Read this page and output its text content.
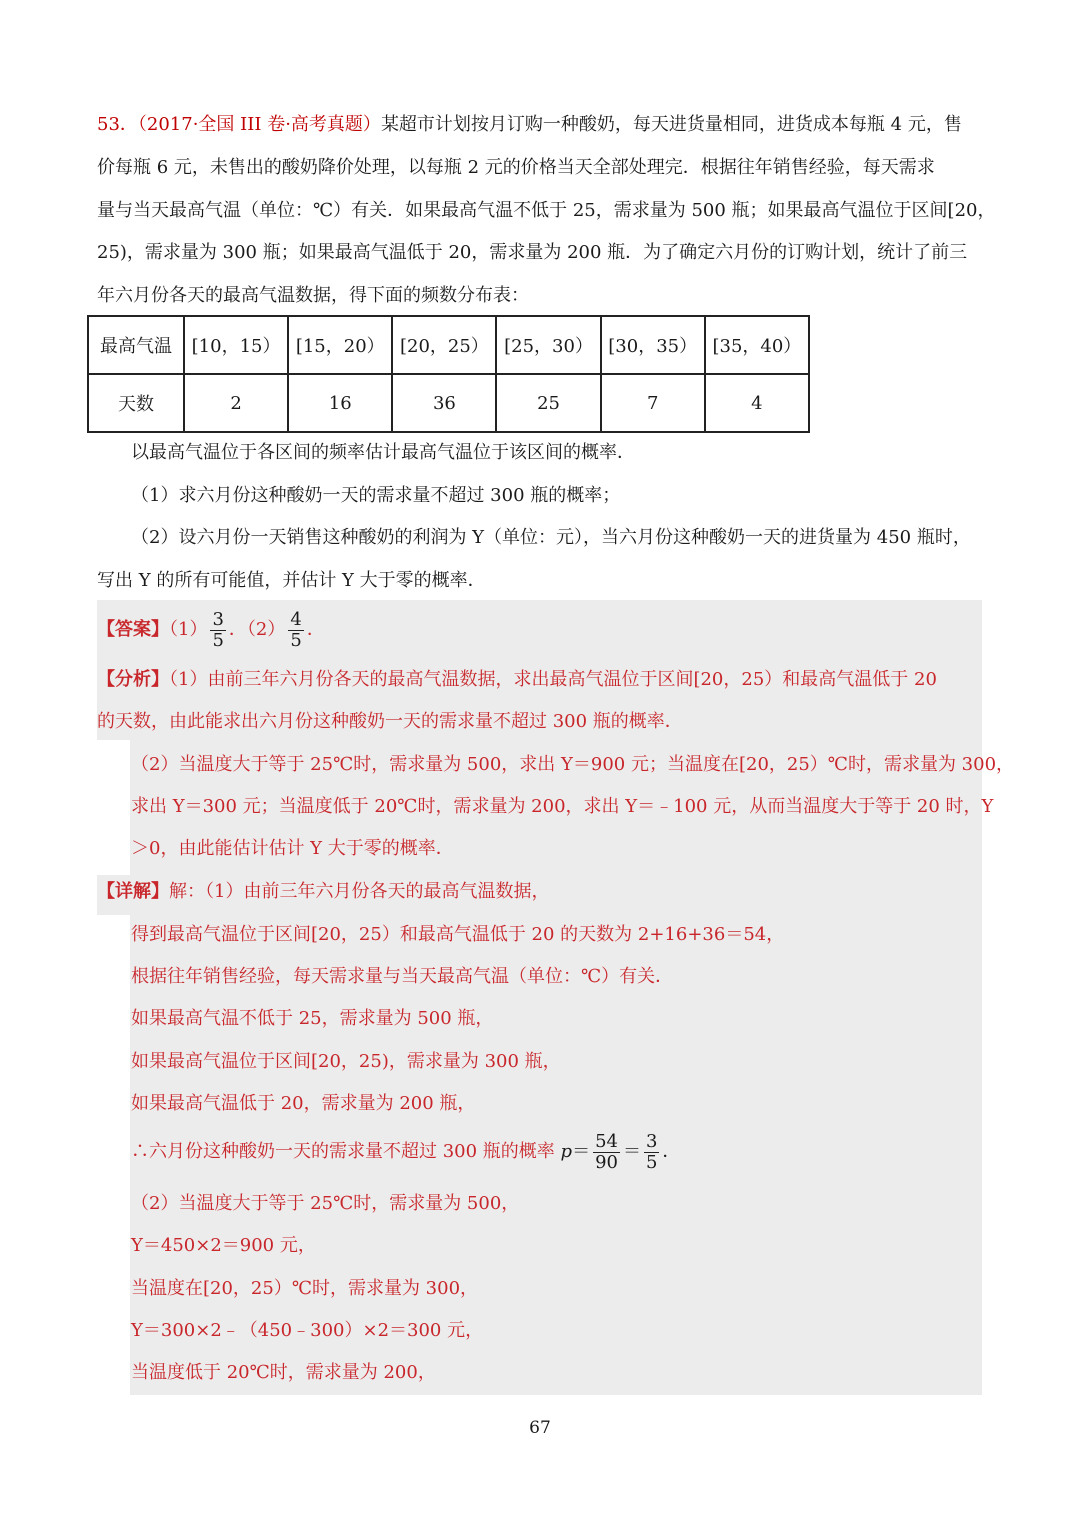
53．（2017·全国 III 卷·高考真题）某超市计划按月订购一种酸奶，每天进货量相同，进货成本每瓶 4 元，售
价每瓶 6 元，未售出的酸奶降价处理，以每瓶 2 元的价格当天全部处理完．根据往年销售经验，每天需求
量与当天最高气温（单位：℃）有关．如果最高气温不低于 25，需求量为 500 瓶；如果最高气温位于区间[20，
25)，需求量为 300 瓶；如果最高气温低于 20，需求量为 200 瓶．为了确定六月份的订购计划，统计了前三
年六月份各天的最高气温数据，得下面的频数分布表：
最高气温	[10，15）	[15，20）	[20，25）	[25，30）	[30，35）	[35，40）
天数	2	16	36	25	7	4
以最高气温位于各区间的频率估计最高气温位于该区间的概率．
（1）求六月份这种酸奶一天的需求量不超过 300 瓶的概率；
（2）设六月份一天销售这种酸奶的利润为 Y（单位：元），当六月份这种酸奶一天的进货量为 450 瓶时，
写出 Y 的所有可能值，并估计 Y 大于零的概率．
【答案】$(1) \frac{3}{5}$ ．$(2) \frac{4}{5}$ ．
【分析】（1）由前三年六月份各天的最高气温数据，求出最高气温位于区间[20，25）和最高气温低于 20
的天数，由此能求出六月份这种酸奶一天的需求量不超过 300 瓶的概率．
（2）当温度大于等于 25℃时，需求量为 500，求出 Y＝900 元；当温度在[20，25）℃时，需求量为 300，
求出 Y＝300 元；当温度低于 20℃时，需求量为 200，求出 Y＝﹣100 元，从而当温度大于等于 20 时，Y
＞0，由此能估计估计 Y 大于零的概率．
【详解】解：（1）由前三年六月份各天的最高气温数据，
得到最高气温位于区间[20，25）和最高气温低于 20 的天数为 2+16+36＝54，
根据往年销售经验，每天需求量与当天最高气温（单位：℃）有关．
如果最高气温不低于 25，需求量为 500 瓶，
如果最高气温位于区间[20，25)，需求量为 300 瓶，
如果最高气温低于 20，需求量为 200 瓶，
∴六月份这种酸奶一天的需求量不超过 300 瓶的概率 $p= \frac{54}{90} = \frac{3}{5}$ ．
（2）当温度大于等于 25℃时，需求量为 500，
Y＝450×2＝900 元，
当温度在[20，25）℃时，需求量为 300，
Y＝300×2﹣（450﹣300）×2＝300 元，
当温度低于 20℃时，需求量为 200，
67
